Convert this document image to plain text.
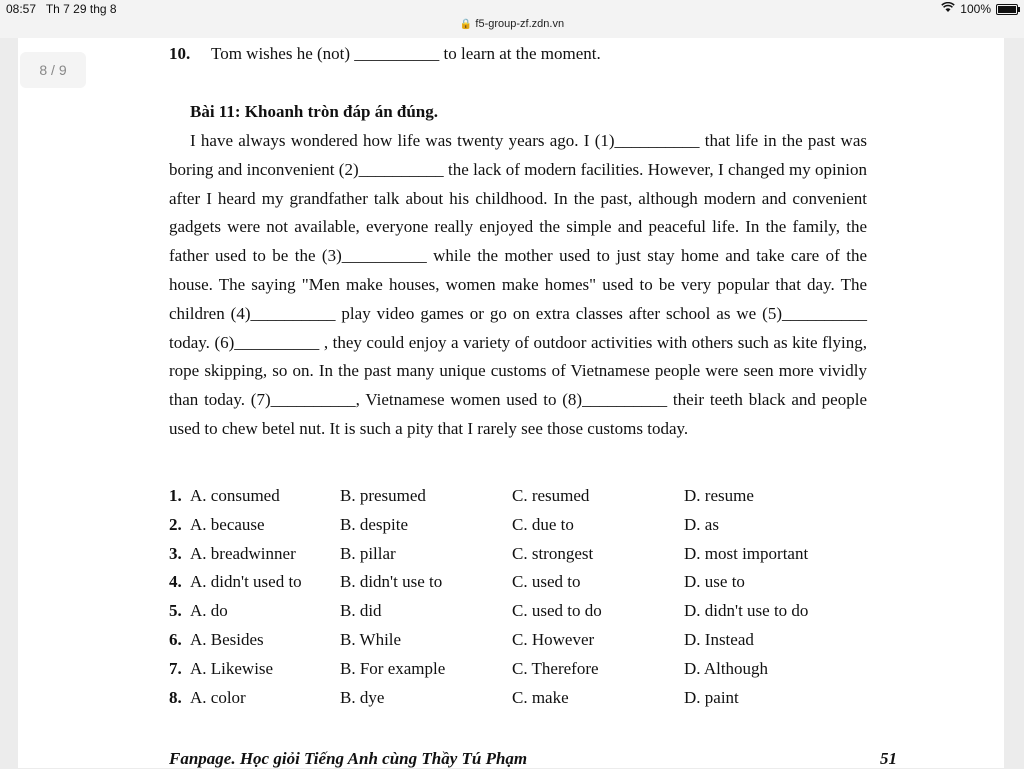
08:57 Th 7 29 thg 8	100%
🔒 f5-group-zf.zdn.vn
8 / 9
10. Tom wishes he (not) __________ to learn at the moment.
Bài 11: Khoanh tròn đáp án đúng.

I have always wondered how life was twenty years ago. I (1)__________ that life in the past was boring and inconvenient (2)__________ the lack of modern facilities. However, I changed my opinion after I heard my grandfather talk about his childhood. In the past, although modern and convenient gadgets were not available, everyone really enjoyed the simple and peaceful life. In the family, the father used to be the (3)__________ while the mother used to just stay home and take care of the house. The saying "Men make houses, women make homes" used to be very popular that day. The children (4)__________ play video games or go on extra classes after school as we (5)__________ today. (6)__________ , they could enjoy a variety of outdoor activities with others such as kite flying, rope skipping, so on. In the past many unique customs of Vietnamese people were seen more vividly than today. (7)__________, Vietnamese women used to (8)__________ their teeth black and people used to chew betel nut. It is such a pity that I rarely see those customs today.

1. A. consumed	B. presumed	C. resumed	D. resume
2. A. because	B. despite	C. due to	D. as
3. A. breadwinner	B. pillar	C. strongest	D. most important
4. A. didn't used to	B. didn't use to	C. used to	D. use to
5. A. do	B. did	C. used to do	D. didn't use to do
6. A. Besides	B. While	C. However	D. Instead
7. A. Likewise	B. For example	C. Therefore	D. Although
8. A. color	B. dye	C. make	D. paint
Fanpage. Học giỏi Tiếng Anh cùng Thầy Tú Phạm	51
